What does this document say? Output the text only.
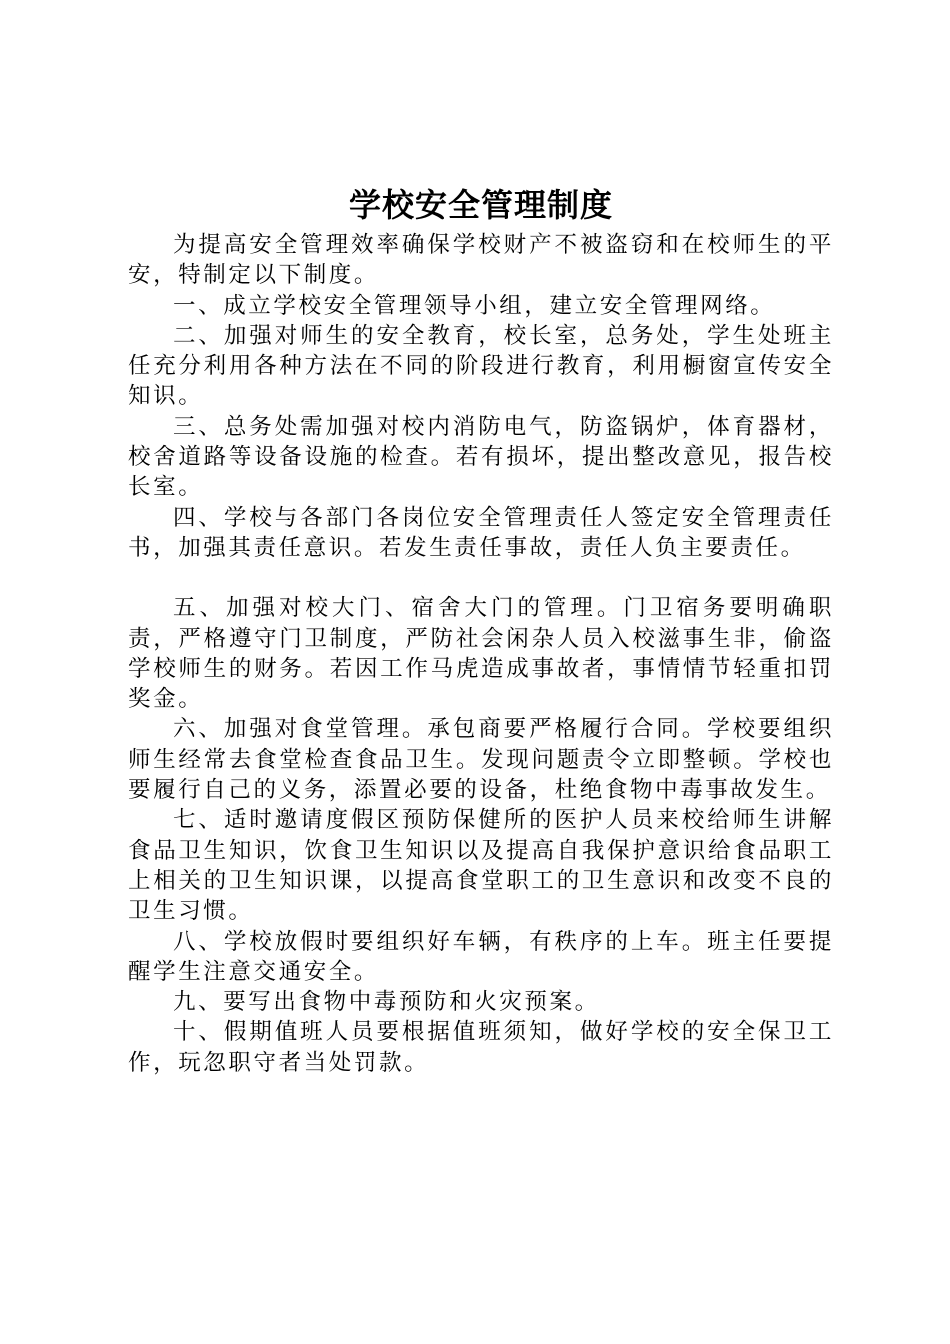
学校安全管理制度

为提高安全管理效率确保学校财产不被盗窃和在校师生的平安，特制定以下制度。

一、成立学校安全管理领导小组，建立安全管理网络。

二、加强对师生的安全教育，校长室，总务处，学生处班主任充分利用各种方法在不同的阶段进行教育，利用橱窗宣传安全知识。

三、总务处需加强对校内消防电气，防盗锅炉，体育器材，校舍道路等设备设施的检查。若有损坏，提出整改意见，报告校长室。

四、学校与各部门各岗位安全管理责任人签定安全管理责任书，加强其责任意识。若发生责任事故，责任人负主要责任。

五、加强对校大门、宿舍大门的管理。门卫宿务要明确职责，严格遵守门卫制度，严防社会闲杂人员入校滋事生非，偷盗学校师生的财务。若因工作马虎造成事故者，事情情节轻重扣罚奖金。

六、加强对食堂管理。承包商要严格履行合同。学校要组织师生经常去食堂检查食品卫生。发现问题责令立即整顿。学校也要履行自己的义务，添置必要的设备，杜绝食物中毒事故发生。

七、适时邀请度假区预防保健所的医护人员来校给师生讲解食品卫生知识，饮食卫生知识以及提高自我保护意识给食品职工上相关的卫生知识课，以提高食堂职工的卫生意识和改变不良的卫生习惯。

八、学校放假时要组织好车辆，有秩序的上车。班主任要提醒学生注意交通安全。

九、要写出食物中毒预防和火灾预案。

十、假期值班人员要根据值班须知，做好学校的安全保卫工作，玩忽职守者当处罚款。
